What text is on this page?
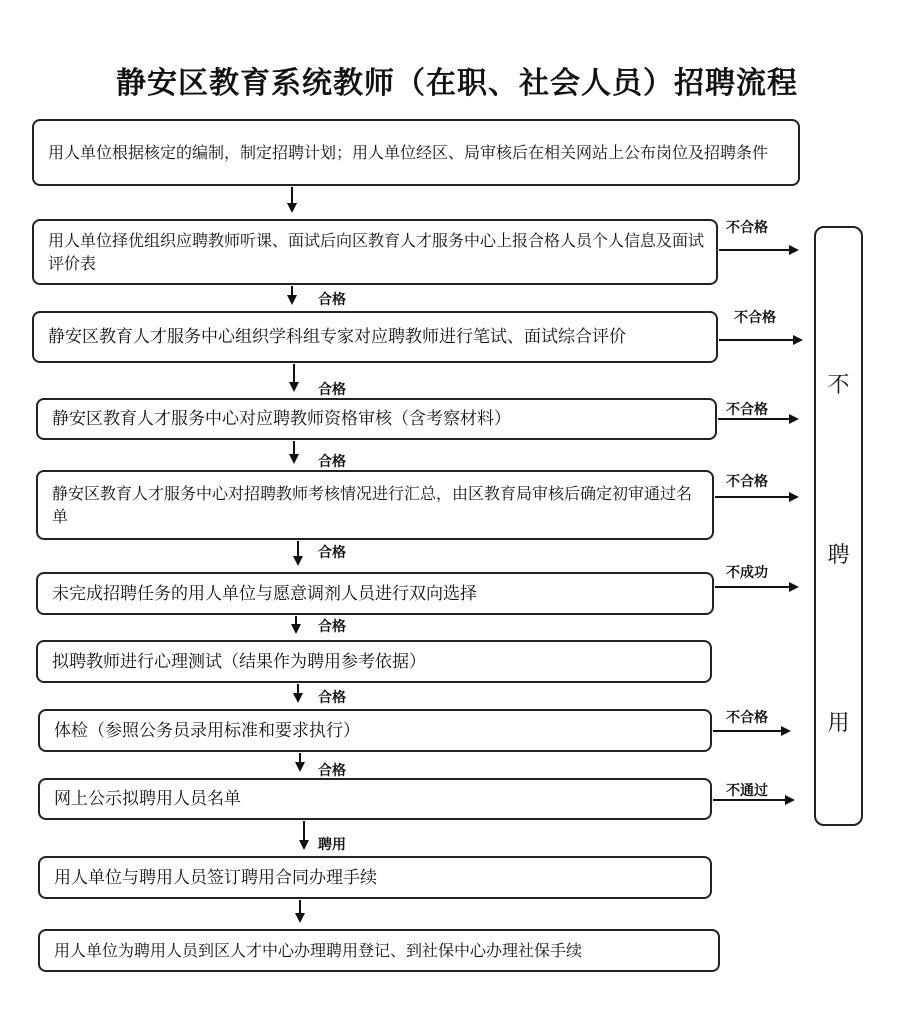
静安区教育系统教师（在职、社会人员）招聘流程
用人单位根据核定的编制，制定招聘计划；用人单位经区、局审核后在相关网站上公布岗位及招聘条件
用人单位择优组织应聘教师听课、面试后向区教育人才服务中心上报合格人员个人信息及面试评价表
静安区教育人才服务中心组织学科组专家对应聘教师进行笔试、面试综合评价
静安区教育人才服务中心对应聘教师资格审核（含考察材料）
静安区教育人才服务中心对招聘教师考核情况进行汇总，由区教育局审核后确定初审通过名单
未完成招聘任务的用人单位与愿意调剂人员进行双向选择
拟聘教师进行心理测试（结果作为聘用参考依据）
体检（参照公务员录用标准和要求执行）
网上公示拟聘用人员名单
用人单位与聘用人员签订聘用合同办理手续
用人单位为聘用人员到区人才中心办理聘用登记、到社保中心办理社保手续
不
聘
用
合格
合格
合格
合格
合格
合格
合格
聘用
不合格
不合格
不合格
不合格
不成功
不合格
不通过
